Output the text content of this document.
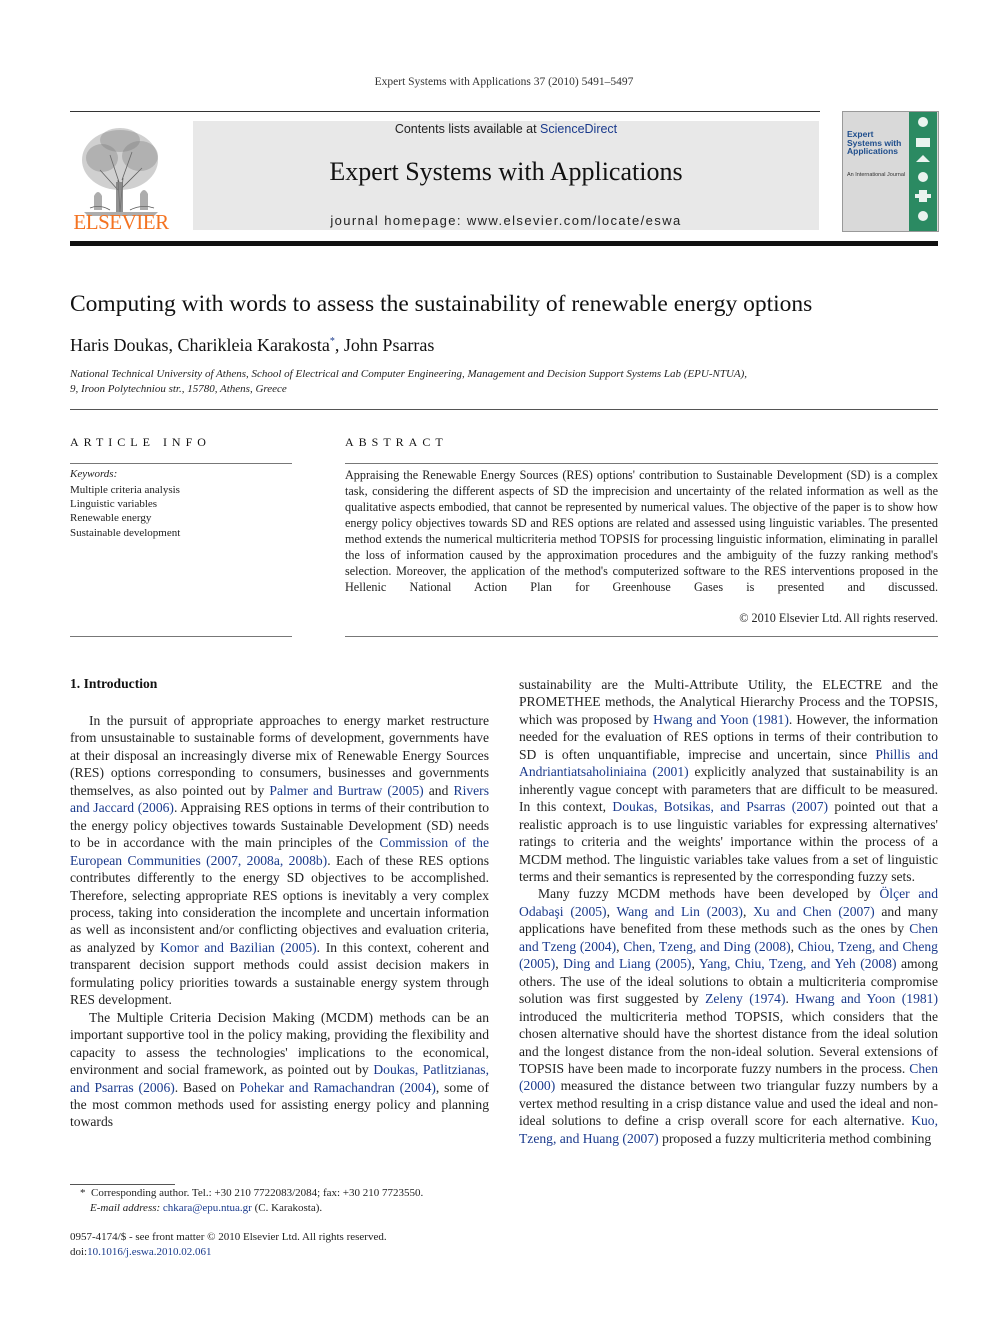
Expert Systems with Applications 37 (2010) 5491–5497
ELSEVIER
Contents lists available at ScienceDirect
Expert Systems with Applications
journal homepage: www.elsevier.com/locate/eswa
Expert Systems with Applications
An International Journal
Computing with words to assess the sustainability of renewable energy options
Haris Doukas, Charikleia Karakosta*, John Psarras
National Technical University of Athens, School of Electrical and Computer Engineering, Management and Decision Support Systems Lab (EPU-NTUA),
9, Iroon Polytechniou str., 15780, Athens, Greece
ARTICLE INFO
Keywords:
Multiple criteria analysis
Linguistic variables
Renewable energy
Sustainable development
ABSTRACT
Appraising the Renewable Energy Sources (RES) options' contribution to Sustainable Development (SD) is a complex task, considering the different aspects of SD the imprecision and uncertainty of the related information as well as the qualitative aspects embodied, that cannot be represented by numerical values. The objective of the paper is to show how energy policy objectives towards SD and RES options are related and assessed using linguistic variables. The presented method extends the numerical multicriteria method TOPSIS for processing linguistic information, eliminating in parallel the loss of information caused by the approximation procedures and the ambiguity of the fuzzy ranking method's selection. Moreover, the application of the method's computerized software to the RES interventions proposed in the Hellenic National Action Plan for Greenhouse Gases is presented and discussed.
© 2010 Elsevier Ltd. All rights reserved.
1. Introduction

In the pursuit of appropriate approaches to energy market restructure from unsustainable to sustainable forms of development, governments have at their disposal an increasingly diverse mix of Renewable Energy Sources (RES) options corresponding to consumers, businesses and governments themselves, as also pointed out by Palmer and Burtraw (2005) and Rivers and Jaccard (2006). Appraising RES options in terms of their contribution to the energy policy objectives towards Sustainable Development (SD) needs to be in accordance with the main principles of the Commission of the European Communities (2007, 2008a, 2008b). Each of these RES options contributes differently to the energy SD objectives to be accomplished. Therefore, selecting appropriate RES options is inevitably a very complex process, taking into consideration the incomplete and uncertain information as well as inconsistent and/or conflicting objectives and evaluation criteria, as analyzed by Komor and Bazilian (2005). In this context, coherent and transparent decision support methods could assist decision makers in formulating policy priorities towards a sustainable energy system through RES development.

The Multiple Criteria Decision Making (MCDM) methods can be an important supportive tool in the policy making, providing the flexibility and capacity to assess the technologies' implications to the economical, environment and social framework, as pointed out by Doukas, Patlitzianas, and Psarras (2006). Based on Pohekar and Ramachandran (2004), some of the most common methods used for assisting energy policy and planning towards

sustainability are the Multi-Attribute Utility, the ELECTRE and the PROMETHEE methods, the Analytical Hierarchy Process and the TOPSIS, which was proposed by Hwang and Yoon (1981). However, the information needed for the evaluation of RES options in terms of their contribution to SD is often unquantifiable, imprecise and uncertain, since Phillis and Andriantiatsaholiniaina (2001) explicitly analyzed that sustainability is an inherently vague concept with parameters that are difficult to be measured. In this context, Doukas, Botsikas, and Psarras (2007) pointed out that a realistic approach is to use linguistic variables for expressing alternatives' ratings to criteria and the weights' importance within the process of a MCDM method. The linguistic variables take values from a set of linguistic terms and their semantics is represented by the corresponding fuzzy sets.

Many fuzzy MCDM methods have been developed by Ölçer and Odabaşi (2005), Wang and Lin (2003), Xu and Chen (2007) and many applications have benefited from these methods such as the ones by Chen and Tzeng (2004), Chen, Tzeng, and Ding (2008), Chiou, Tzeng, and Cheng (2005), Ding and Liang (2005), Yang, Chiu, Tzeng, and Yeh (2008) among others. The use of the ideal solutions to obtain a multicriteria compromise solution was first suggested by Zeleny (1974). Hwang and Yoon (1981) introduced the multicriteria method TOPSIS, which considers that the chosen alternative should have the shortest distance from the ideal solution and the longest distance from the non-ideal solution. Several extensions of TOPSIS have been made to incorporate fuzzy numbers in the process. Chen (2000) measured the distance between two triangular fuzzy numbers by a vertex method resulting in a crisp distance value and used the ideal and non-ideal solutions to define a crisp overall score for each alternative. Kuo, Tzeng, and Huang (2007) proposed a fuzzy multicriteria method combining

* Corresponding author. Tel.: +30 210 7722083/2084; fax: +30 210 7723550.
E-mail address: chkara@epu.ntua.gr (C. Karakosta).
0957-4174/$ - see front matter © 2010 Elsevier Ltd. All rights reserved.
doi:10.1016/j.eswa.2010.02.061
